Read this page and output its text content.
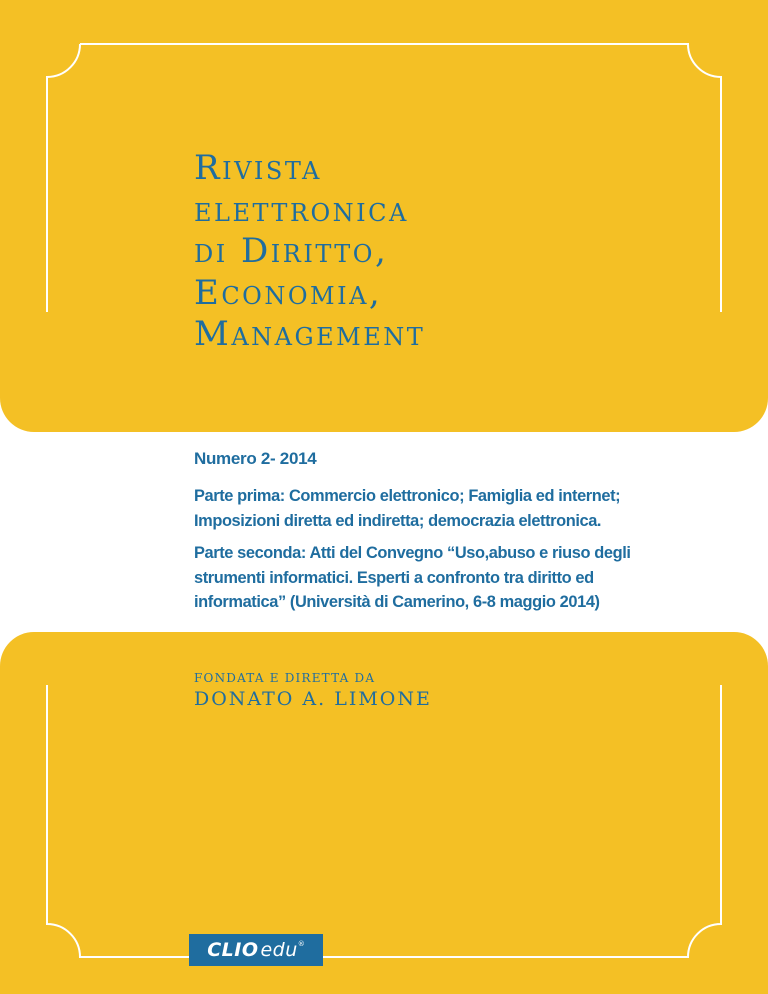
Rivista
elettronica
di Diritto,
Economia,
Management

Numero 2- 2014

Parte prima: Commercio elettronico; Famiglia ed internet;
Imposizioni diretta ed indiretta; democrazia elettronica.

Parte seconda: Atti del Convegno “Uso,abuso e riuso degli
strumenti informatici. Esperti a confronto tra diritto ed
informatica” (Università di Camerino, 6-8 maggio 2014)

FONDATA E DIRETTA DA

DONATO A. LIMONE

CLIO edu ®
